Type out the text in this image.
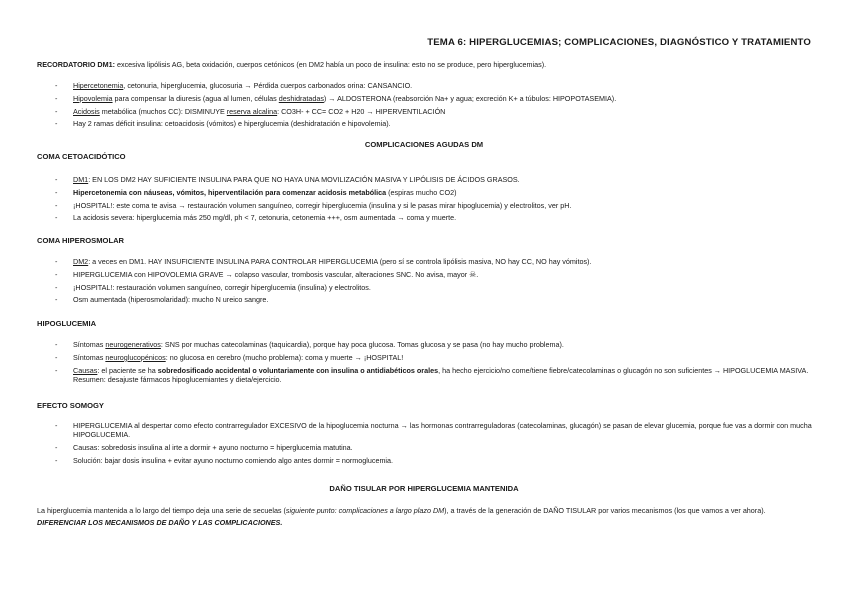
TEMA 6: HIPERGLUCEMIAS; COMPLICACIONES, DIAGNÓSTICO Y TRATAMIENTO
RECORDATORIO DM1: excesiva lipólisis AG, beta oxidación, cuerpos cetónicos (en DM2 había un poco de insulina: esto no se produce, pero hiperglucemias).
- Hipercetonemia, cetonuria, hiperglucemia, glucosuria → Pérdida cuerpos carbonados orina: CANSANCIO.
- Hipovolemia para compensar la diuresis (agua al lumen, células deshidratadas) → ALDOSTERONA (reabsorción Na+ y agua; excreción K+ a túbulos: HIPOPOTASEMIA).
- Acidosis metabólica (muchos CC): DISMINUYE reserva alcalina: CO3H- + CC= CO2 + H20 → HIPERVENTILACIÓN
- Hay 2 ramas déficit insulina: cetoacidosis (vómitos) e hiperglucemia (deshidratación e hipovolemia).
COMPLICACIONES AGUDAS DM
COMA CETOACIDÓTICO
- DM1: EN LOS DM2 HAY SUFICIENTE INSULINA PARA QUE NO HAYA UNA MOVILIZACIÓN MASIVA Y LIPÓLISIS DE ÁCIDOS GRASOS.
- Hipercetonemia con náuseas, vómitos, hiperventilación para comenzar acidosis metabólica (espiras mucho CO2)
- ¡HOSPITAL!: este coma te avisa → restauración volumen sanguíneo, corregir hiperglucemia (insulina y si le pasas mirar hipoglucemia) y electrolitos, ver pH.
- La acidosis severa: hiperglucemia más 250 mg/dl, ph < 7, cetonuria, cetonemia +++, osm aumentada → coma y muerte.
COMA HIPEROSMOLAR
- DM2: a veces en DM1. HAY INSUFICIENTE INSULINA PARA CONTROLAR HIPERGLUCEMIA (pero sí se controla lipólisis masiva, NO hay CC, NO hay vómitos).
- HIPERGLUCEMIA con HIPOVOLEMIA GRAVE → colapso vascular, trombosis vascular, alteraciones SNC. No avisa, mayor ☠.
- ¡HOSPITAL!: restauración volumen sanguíneo, corregir hiperglucemia (insulina) y electrolitos.
- Osm aumentada (hiperosmolaridad): mucho N ureico sangre.
HIPOGLUCEMIA
- Síntomas neurogenerativos: SNS por muchas catecolaminas (taquicardia), porque hay poca glucosa. Tomas glucosa y se pasa (no hay mucho problema).
- Síntomas neuroglucopénicos: no glucosa en cerebro (mucho problema): coma y muerte → ¡HOSPITAL!
- Causas: el paciente se ha sobredosificado accidental o voluntariamente con insulina o antidiabéticos orales, ha hecho ejercicio/no come/tiene fiebre/catecolaminas o glucagón no son suficientes → HIPOGLUCEMIA MASIVA. Resumen: desajuste fármacos hipoglucemiantes y dieta/ejercicio.
EFECTO SOMOGY
- HIPERGLUCEMIA al despertar como efecto contrarregulador EXCESIVO de la hipoglucemia nocturna → las hormonas contrarreguladoras (catecolaminas, glucagón) se pasan de elevar glucemia, porque fue vas a dormir con mucha HIPOGLUCEMIA.
- Causas: sobredosis insulina al irte a dormir + ayuno nocturno = hiperglucemia matutina.
- Solución: bajar dosis insulina + evitar ayuno nocturno comiendo algo antes dormir = normoglucemia.
DAÑO TISULAR POR HIPERGLUCEMIA MANTENIDA
La hiperglucemia mantenida a lo largo del tiempo deja una serie de secuelas (siguiente punto: complicaciones a largo plazo DM), a través de la generación de DAÑO TISULAR por varios mecanismos (los que vamos a ver ahora). DIFERENCIAR LOS MECANISMOS DE DAÑO Y LAS COMPLICACIONES.
